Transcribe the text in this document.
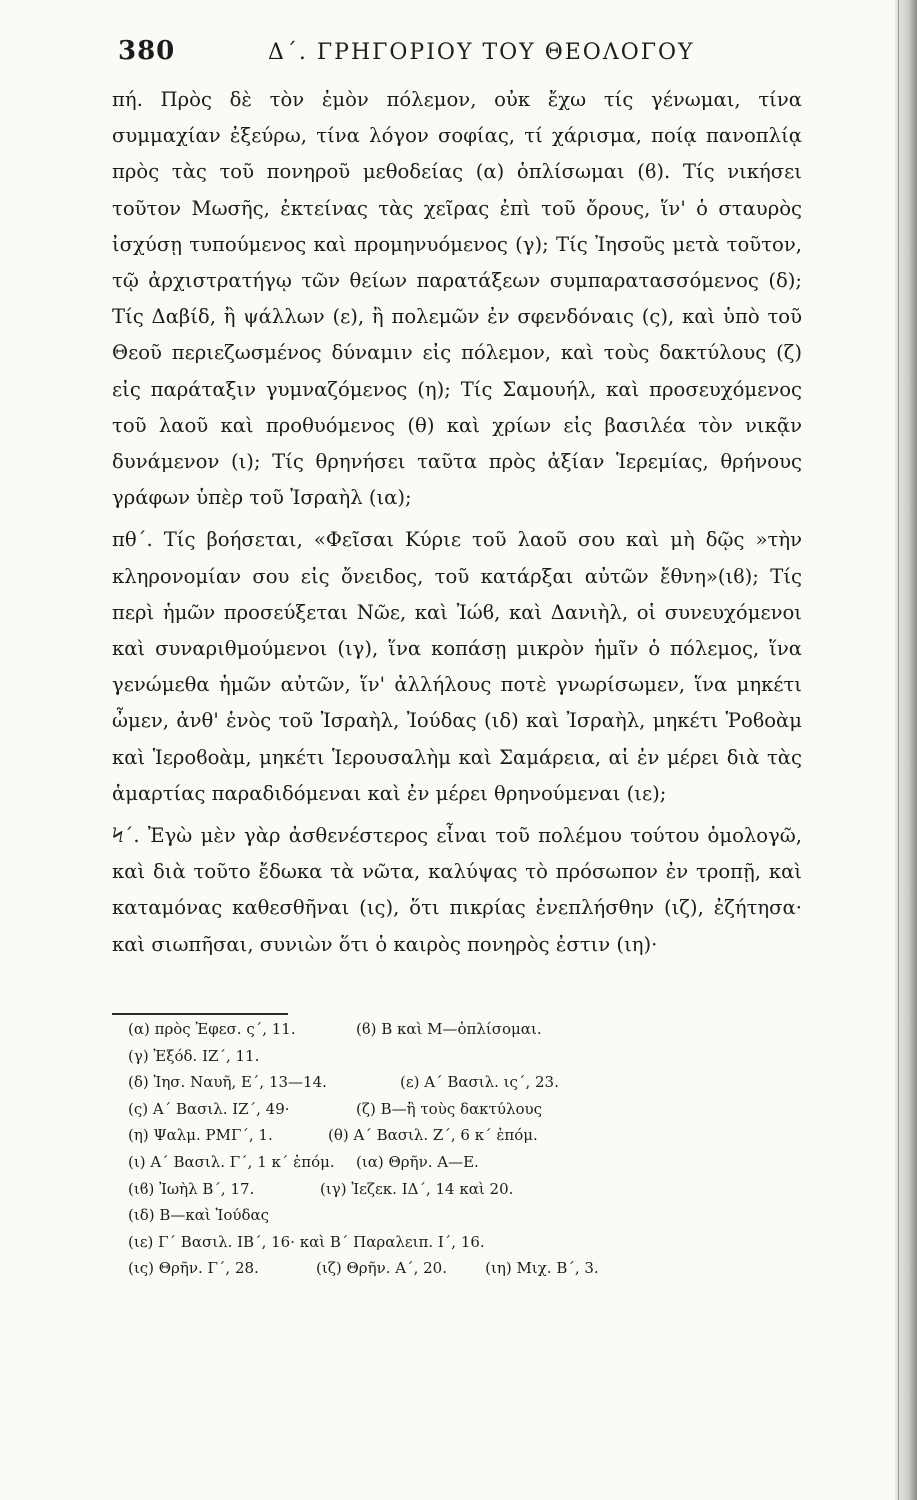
380	Δ΄. ΓΡΗΓΟΡΙΟΥ ΤΟΥ ΘΕΟΛΟΓΟΥ

πή. Πρὸς δὲ τὸν ἐμὸν πόλεμον, οὐκ ἔχω τίς γένωμαι, τίνα συμμαχίαν ἐξεύρω, τίνα λόγον σοφίας, τί χάρισμα, ποίᾳ πανοπλίᾳ πρὸς τὰς τοῦ πονηροῦ μεθοδείας (α) ὁπλίσωμαι (ϐ). Τίς νικήσει τοῦτον Μωσῆς, ἐκτείνας τὰς χεῖρας ἐπὶ τοῦ ὄρους, ἵν' ὁ σταυρὸς ἰσχύσῃ τυπούμενος καὶ προμηνυόμενος (γ); Τίς Ἰησοῦς μετὰ τοῦτον, τῷ ἀρχιστρατήγῳ τῶν θείων παρατάξεων συμπαρατασσόμενος (δ); Τίς Δαβίδ, ἢ ψάλλων (ε), ἢ πολεμῶν ἐν σφενδόναις (ς), καὶ ὑπὸ τοῦ Θεοῦ περιεζωσμένος δύναμιν εἰς πόλεμον, καὶ τοὺς δακτύλους (ζ) εἰς παράταξιν γυμναζόμενος (η); Τίς Σαμουήλ, καὶ προσευχόμενος τοῦ λαοῦ καὶ προθυόμενος (θ) καὶ χρίων εἰς βασιλέα τὸν νικᾷν δυνάμενον (ι); Τίς θρηνήσει ταῦτα πρὸς ἀξίαν Ἱερεμίας, θρήνους γράφων ὑπὲρ τοῦ Ἰσραὴλ (ια);

πθ΄. Τίς βοήσεται, «Φεῖσαι Κύριε τοῦ λαοῦ σου καὶ μὴ δῷς »τὴν κληρονομίαν σου εἰς ὄνειδος, τοῦ κατάρξαι αὐτῶν ἔθνη»(ιϐ); Τίς περὶ ἡμῶν προσεύξεται Νῶε, καὶ Ἰώϐ, καὶ Δανιὴλ, οἱ συνευχόμενοι καὶ συναριθμούμενοι (ιγ), ἵνα κοπάσῃ μικρὸν ἡμῖν ὁ πόλεμος, ἵνα γενώμεθα ἡμῶν αὐτῶν, ἵν' ἀλλήλους ποτὲ γνωρίσωμεν, ἵνα μηκέτι ὦμεν, ἀνθ' ἑνὸς τοῦ Ἰσραὴλ, Ἰούδας (ιδ) καὶ Ἰσραὴλ, μηκέτι Ῥοϐοὰμ καὶ Ἱεροϐοὰμ, μηκέτι Ἱερουσαλὴμ καὶ Σαμάρεια, αἱ ἐν μέρει διὰ τὰς ἁμαρτίας παραδιδόμεναι καὶ ἐν μέρει θρηνούμεναι (ιε);

Ϟ΄. Ἐγὼ μὲν γὰρ ἀσθενέστερος εἶναι τοῦ πολέμου τούτου ὁμολογῶ, καὶ διὰ τοῦτο ἔδωκα τὰ νῶτα, καλύψας τὸ πρόσωπον ἐν τροπῇ, καὶ καταμόνας καθεσθῆναι (ις), ὅτι πικρίας ἐνεπλήσθην (ιζ), ἐζήτησα· καὶ σιωπῆσαι, συνιὼν ὅτι ὁ καιρὸς πονηρὸς ἐστιν (ιη)·

(α) πρὸς Ἐφεσ. ς΄, 11.	(ϐ) Β καὶ Μ—ὁπλίσομαι.
(γ) Ἐξόδ. ΙΖ΄, 11.
(δ) Ἰησ. Ναυῆ, Ε΄, 13—14.	(ε) Α΄ Βασιλ. ις΄, 23.
(ς) Α΄ Βασιλ. ΙΖ΄, 49·	(ζ) Β—ἢ τοὺς δακτύλους
(η) Ψαλμ. ΡΜΓ΄, 1.	(θ) Α΄ Βασιλ. Ζ΄, 6 κ΄ ἑπόμ.
(ι) Α΄ Βασιλ. Γ΄, 1 κ΄ ἑπόμ. (ια) Θρῆν. Α—Ε.
(ιϐ) Ἰωὴλ Β΄, 17.	(ιγ) Ἰεζεκ. ΙΔ΄, 14 καὶ 20.
(ιδ) Β—καὶ Ἰούδας
(ιε) Γ΄ Βασιλ. ΙΒ΄, 16· καὶ Β΄ Παραλειπ. Ι΄, 16.
(ις) Θρῆν. Γ΄, 28.	(ιζ) Θρῆν. Α΄, 20.        (ιη) Μιχ. Β΄, 3.
